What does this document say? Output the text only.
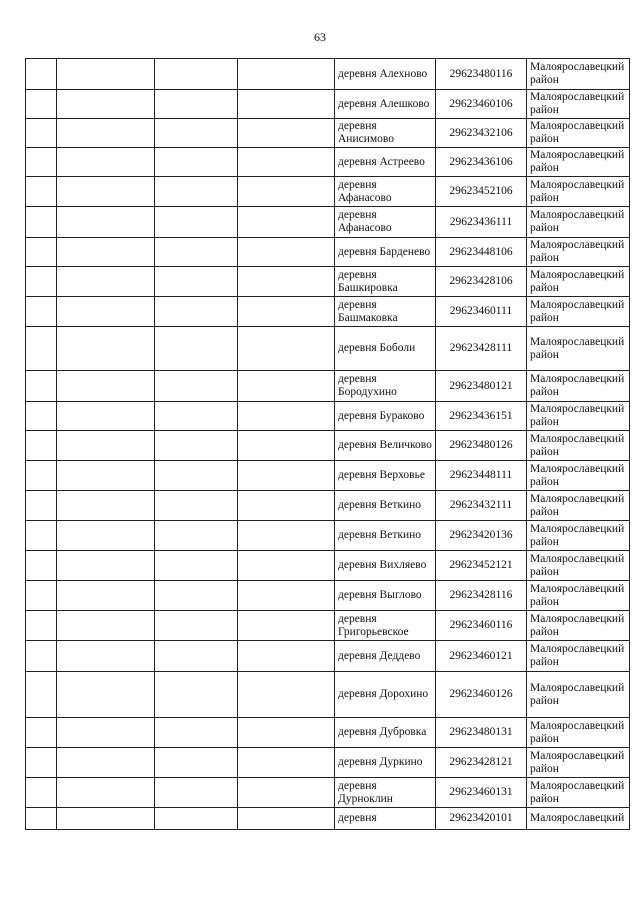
63
				деревня Алехново	29623480116	Малоярославецкий район
				деревня Алешково	29623460106	Малоярославецкий район
				деревня Анисимово	29623432106	Малоярославецкий район
				деревня Астреево	29623436106	Малоярославецкий район
				деревня Афанасово	29623452106	Малоярославецкий район
				деревня Афанасово	29623436111	Малоярославецкий район
				деревня Барденево	29623448106	Малоярославецкий район
				деревня Башкировка	29623428106	Малоярославецкий район
				деревня Башмаковка	29623460111	Малоярославецкий район
				деревня Боболи	29623428111	Малоярославецкий район
				деревня Бородухино	29623480121	Малоярославецкий район
				деревня Бураково	29623436151	Малоярославецкий район
				деревня Величково	29623480126	Малоярославецкий район
				деревня Верховье	29623448111	Малоярославецкий район
				деревня Веткино	29623432111	Малоярославецкий район
				деревня Веткино	29623420136	Малоярославецкий район
				деревня Вихляево	29623452121	Малоярославецкий район
				деревня Выглово	29623428116	Малоярославецкий район
				деревня Григорьевское	29623460116	Малоярославецкий район
				деревня Деддево	29623460121	Малоярославецкий район
				деревня Дорохино	29623460126	Малоярославецкий район
				деревня Дубровка	29623480131	Малоярославецкий район
				деревня Дуркино	29623428121	Малоярославецкий район
				деревня Дурноклин	29623460131	Малоярославецкий район
				деревня	29623420101	Малоярославецкий
